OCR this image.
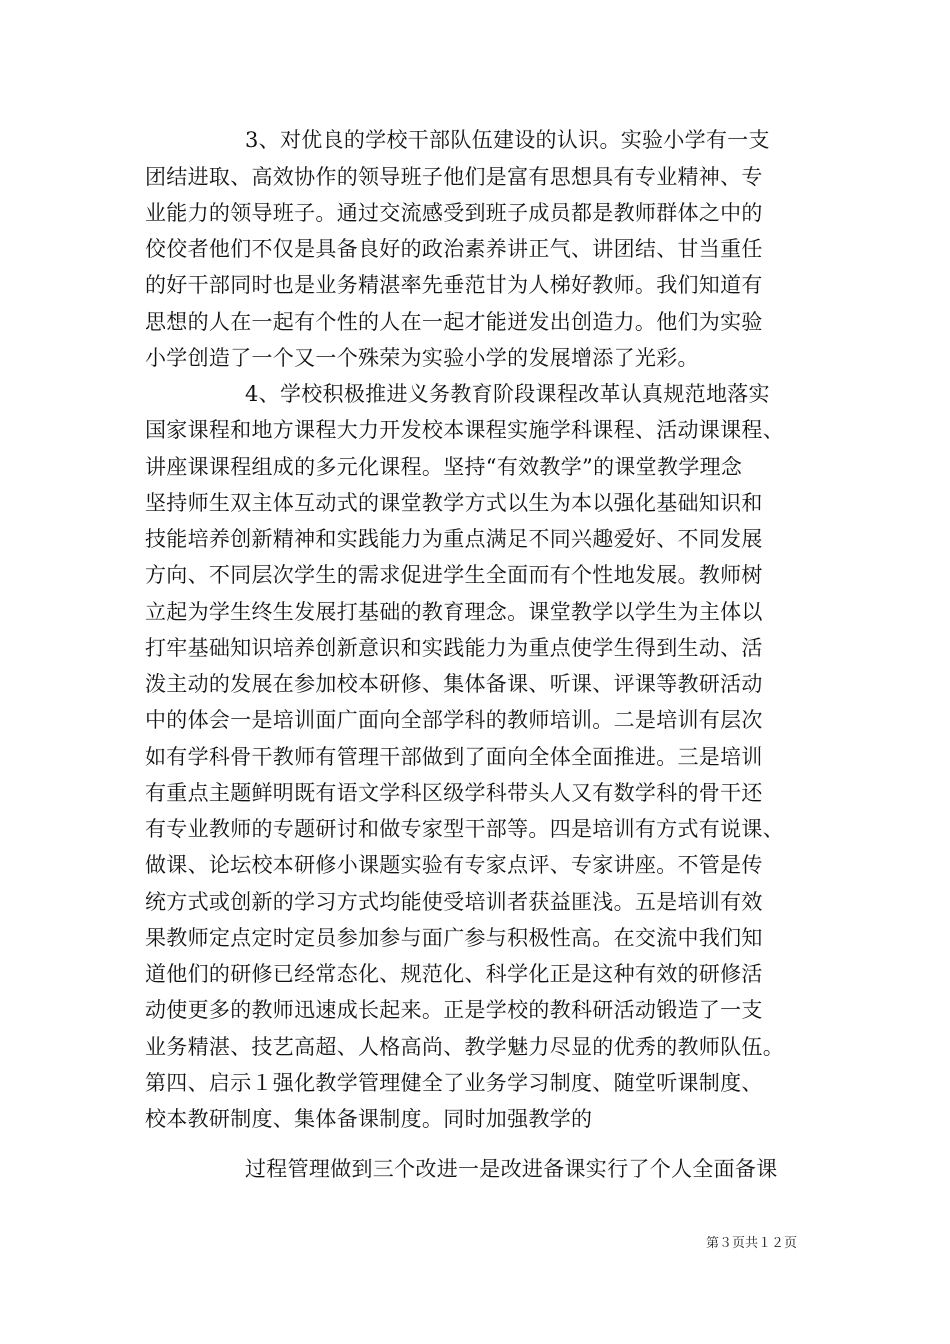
3、对优良的学校干部队伍建设的认识。实验小学有一支
团结进取、高效协作的领导班子他们是富有思想具有专业精神、专
业能力的领导班子。通过交流感受到班子成员都是教师群体之中的
佼佼者他们不仅是具备良好的政治素养讲正气、讲团结、甘当重任
的好干部同时也是业务精湛率先垂范甘为人梯好教师。我们知道有
思想的人在一起有个性的人在一起才能迸发出创造力。他们为实验
小学创造了一个又一个殊荣为实验小学的发展增添了光彩。
4、学校积极推进义务教育阶段课程改革认真规范地落实
国家课程和地方课程大力开发校本课程实施学科课程、活动课课程、
讲座课课程组成的多元化课程。坚持“有效教学”的课堂教学理念
坚持师生双主体互动式的课堂教学方式以生为本以强化基础知识和
技能培养创新精神和实践能力为重点满足不同兴趣爱好、不同发展
方向、不同层次学生的需求促进学生全面而有个性地发展。教师树
立起为学生终生发展打基础的教育理念。课堂教学以学生为主体以
打牢基础知识培养创新意识和实践能力为重点使学生得到生动、活
泼主动的发展在参加校本研修、集体备课、听课、评课等教研活动
中的体会一是培训面广面向全部学科的教师培训。二是培训有层次
如有学科骨干教师有管理干部做到了面向全体全面推进。三是培训
有重点主题鲜明既有语文学科区级学科带头人又有数学科的骨干还
有专业教师的专题研讨和做专家型干部等。四是培训有方式有说课、
做课、论坛校本研修小课题实验有专家点评、专家讲座。不管是传
统方式或创新的学习方式均能使受培训者获益匪浅。五是培训有效
果教师定点定时定员参加参与面广参与积极性高。在交流中我们知
道他们的研修已经常态化、规范化、科学化正是这种有效的研修活
动使更多的教师迅速成长起来。正是学校的教科研活动锻造了一支
业务精湛、技艺高超、人格高尚、教学魅力尽显的优秀的教师队伍。
第四、启示１强化教学管理健全了业务学习制度、随堂听课制度、
校本教研制度、集体备课制度。同时加强教学的
过程管理做到三个改进一是改进备课实行了个人全面备课
第３页共１２页
